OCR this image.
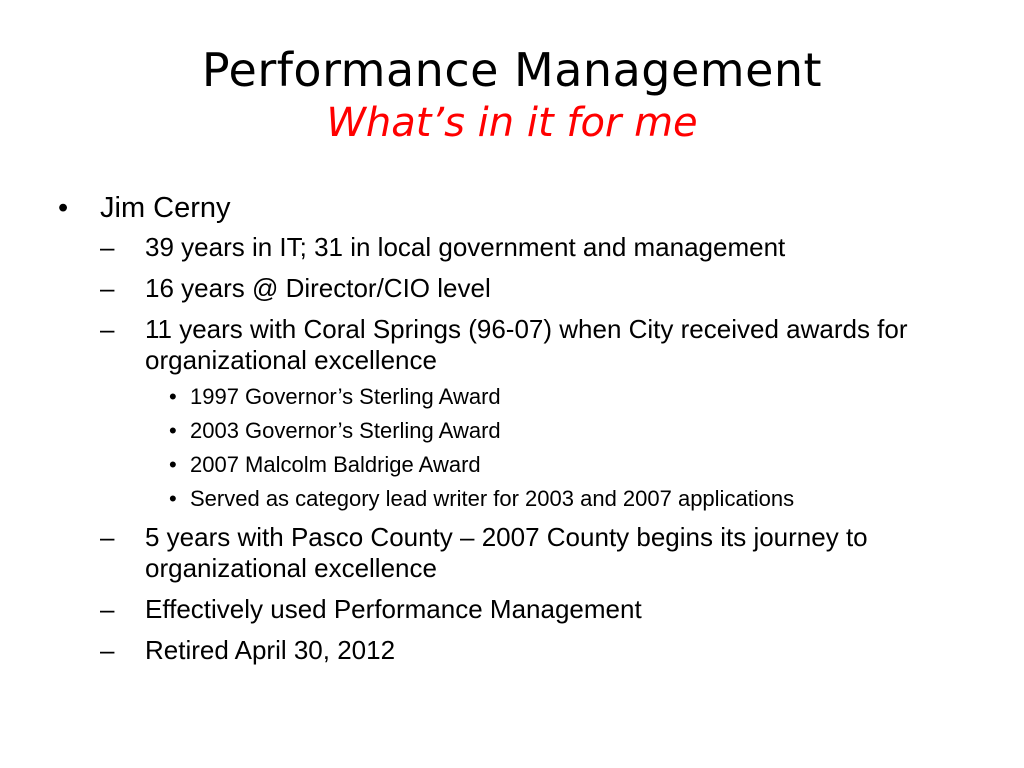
Performance Management
What’s in it for me
• Jim Cerny
– 39 years in IT; 31 in local government and management
– 16 years @ Director/CIO level
– 11 years with Coral Springs (96-07) when City received awards for organizational excellence
• 1997 Governor’s Sterling Award
• 2003 Governor’s Sterling Award
• 2007 Malcolm Baldrige Award
• Served as category lead writer for 2003 and 2007 applications
– 5 years with Pasco County – 2007 County begins its journey to organizational excellence
– Effectively used Performance Management
– Retired April 30, 2012
